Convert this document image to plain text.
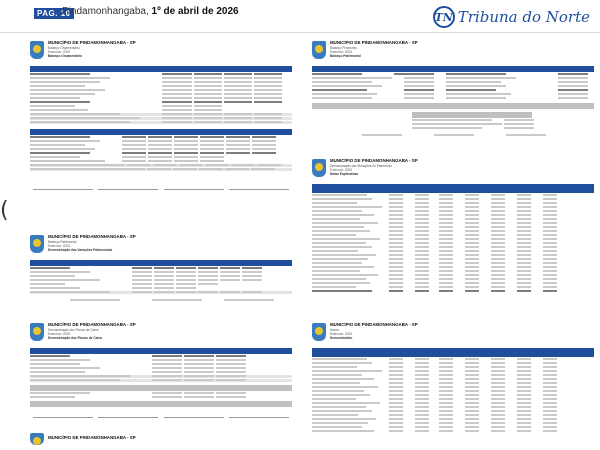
PAG. 10
Pindamonhangaba, 1º de abril de 2026	TN Tribuna do Norte
(
MUNICÍPIO DE PINDAMONHANGABA - SP
Balanço Orçamentário
Exercício: 2025
Balanço Orçamentário
MUNICÍPIO DE PINDAMONHANGABA - SP
Balanço Patrimonial
Exercício: 2025
Demonstração das Variações Patrimoniais
MUNICÍPIO DE PINDAMONHANGABA - SP
Demonstração dos Fluxos de Caixa
Exercício: 2025
Demonstração dos Fluxos de Caixa
MUNICÍPIO DE PINDAMONHANGABA - SP
MUNICÍPIO DE PINDAMONHANGABA - SP
Balanço Financeiro
Exercício: 2025
Balanço Patrimonial
MUNICÍPIO DE PINDAMONHANGABA - SP
Demonstração das Mutações do Patrimônio
Exercício: 2025
Notas Explicativas
MUNICÍPIO DE PINDAMONHANGABA - SP
Anexo
Exercício: 2025
Demonstrativo
